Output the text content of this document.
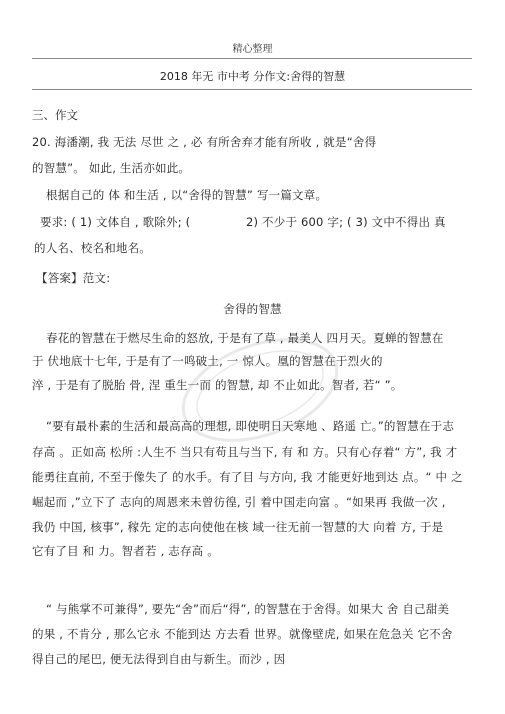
精心整理
2018 年无 市中考 分作文:舍得的智慧
三、作文
20. 海潘潮, 我 无法 尽世 之 , 必 有所舍弃才能有所收 , 就是“舍得
的智慧”。 如此, 生活亦如此。
根据自己的 体 和生活 , 以“舍得的智慧” 写一篇文章。
要求: ( 1) 文体自 , 歌除外; (	2) 不少于 600 字; ( 3) 文中不得出 真
的人名、校名和地名。
【答案】范文:
舍得的智慧
春花的智慧在于燃尽生命的怒放, 于是有了草 , 最美人 四月天。夏蝉的智慧在
于 伏地底十七年, 于是有了一鸣破土, 一 惊人。凰的智慧在于烈火的
淬 , 于是有了脱胎 骨, 涅 重生一而 的智慧, 却 不止如此。智者, 若“ ”。
“要有最朴素的生活和最高高的理想, 即使明日天寒地 、路遥 亡。”的智慧在于志
存高 。正如高 松所 :人生不 当只有苟且与当下, 有 和 方。只有心存着“ 方”, 我 才
能勇往直前, 不至于像失了 的水手。有了目 与方向, 我 才能更好地到达 点。“ 中 之
崛起而 ,”立下了 志向的周恩来未曾彷徨, 引 着中国走向富 。“如果再 我做一次 ,
我仍 中国, 核事”, 稼先 定的志向使他在核 域一往无前一智慧的大 向着 方, 于是
它有了目 和 力。智者若 , 志存高 。
“ 与熊掌不可兼得”, 要先“舍”而后“得”, 的智慧在于舍得。如果大 舍 自己甜美
的果 , 不肯分 , 那么它永 不能到达 方去看 世界。就像壁虎, 如果在危急关 它不舍
得自己的尾巴, 便无法得到自由与新生。而沙 , 因
